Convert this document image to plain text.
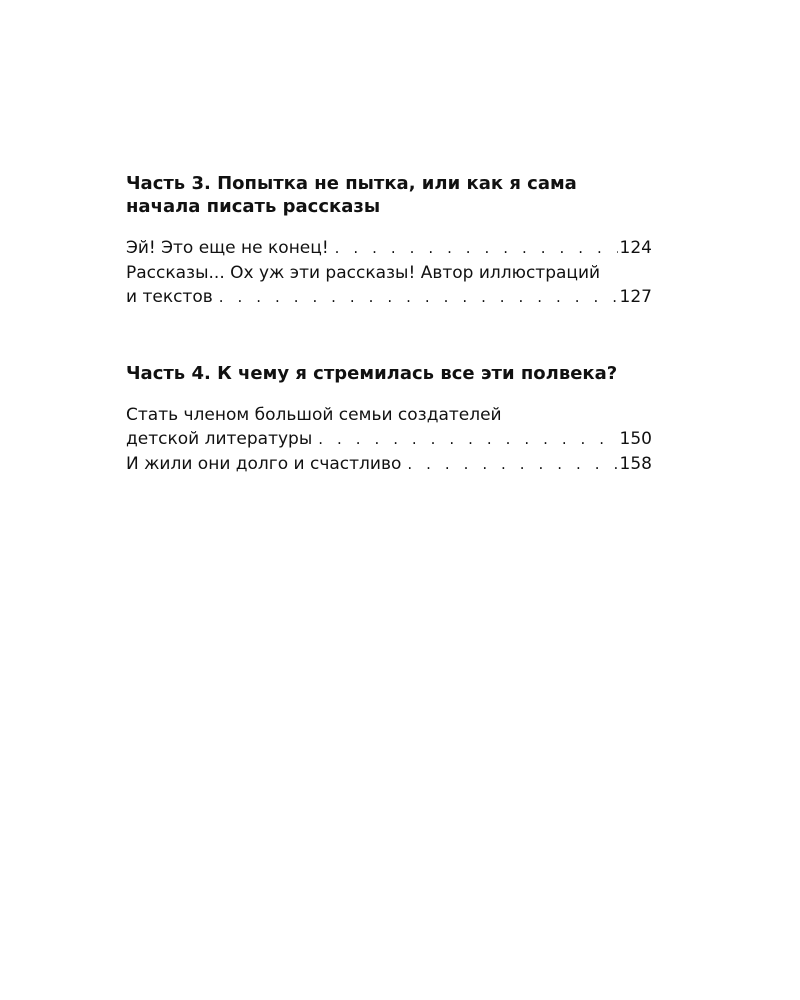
Часть 3. Попытка не пытка, или как я сама начала писать рассказы
Эй! Это еще не конец! . . .	124
Рассказы... Ох уж эти рассказы! Автор иллюстраций
и текстов . . .	127
Часть 4. К чему я стремилась все эти полвека?
Стать членом большой семьи создателей
детской литературы . . .	150
И жили они долго и счастливо . . .	158
